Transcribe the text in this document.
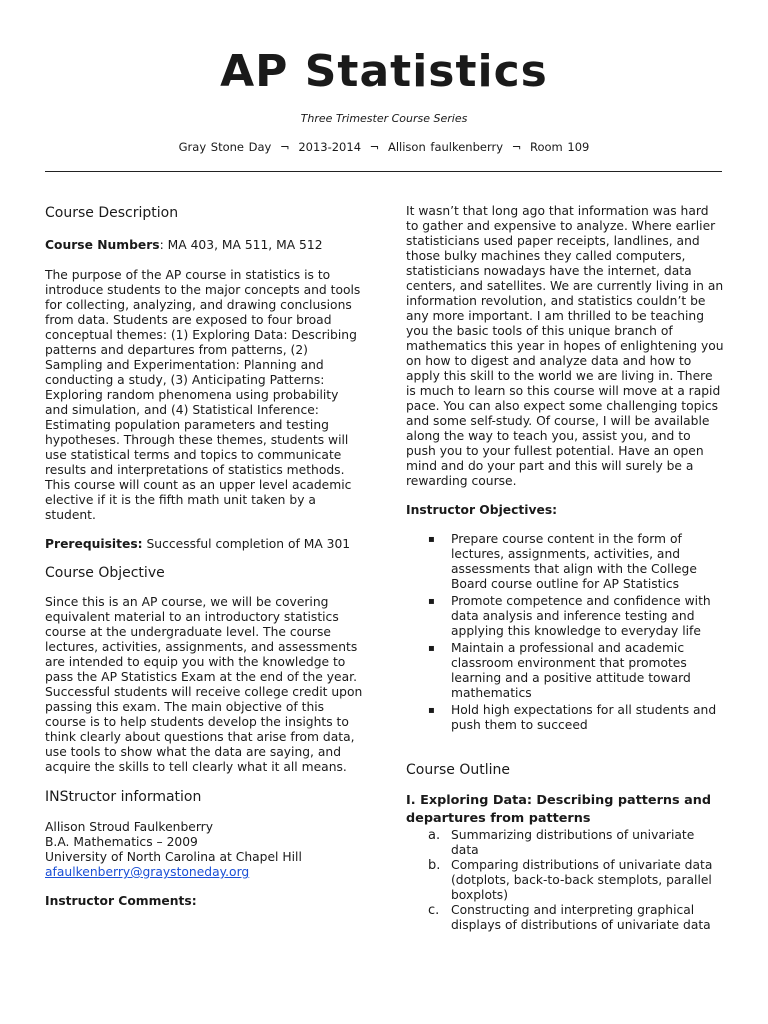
AP Statistics
Three Trimester Course Series
Gray Stone Day ¬ 2013-2014 ¬ Allison faulkenberry ¬ Room 109

Course Description

Course Numbers: MA 403, MA 511, MA 512

The purpose of the AP course in statistics is to introduce students to the major concepts and tools for collecting, analyzing, and drawing conclusions from data. Students are exposed to four broad conceptual themes: (1) Exploring Data: Describing patterns and departures from patterns, (2) Sampling and Experimentation: Planning and conducting a study, (3) Anticipating Patterns: Exploring random phenomena using probability and simulation, and (4) Statistical Inference: Estimating population parameters and testing hypotheses. Through these themes, students will use statistical terms and topics to communicate results and interpretations of statistics methods. This course will count as an upper level academic elective if it is the fifth math unit taken by a student.

Prerequisites: Successful completion of MA 301

Course Objective

Since this is an AP course, we will be covering equivalent material to an introductory statistics course at the undergraduate level. The course lectures, activities, assignments, and assessments are intended to equip you with the knowledge to pass the AP Statistics Exam at the end of the year. Successful students will receive college credit upon passing this exam. The main objective of this course is to help students develop the insights to think clearly about questions that arise from data, use tools to show what the data are saying, and acquire the skills to tell clearly what it all means.

INStructor information

Allison Stroud Faulkenberry

B.A. Mathematics – 2009

University of North Carolina at Chapel Hill

afaulkenberry@graystoneday.org

Instructor Comments:

It wasn’t that long ago that information was hard to gather and expensive to analyze. Where earlier statisticians used paper receipts, landlines, and those bulky machines they called computers, statisticians nowadays have the internet, data centers, and satellites. We are currently living in an information revolution, and statistics couldn’t be any more important. I am thrilled to be teaching you the basic tools of this unique branch of mathematics this year in hopes of enlightening you on how to digest and analyze data and how to apply this skill to the world we are living in. There is much to learn so this course will move at a rapid pace. You can also expect some challenging topics and some self-study. Of course, I will be available along the way to teach you, assist you, and to push you to your fullest potential. Have an open mind and do your part and this will surely be a rewarding course.

Instructor Objectives:

▪ Prepare course content in the form of lectures, assignments, activities, and assessments that align with the College Board course outline for AP Statistics
▪ Promote competence and confidence with data analysis and inference testing and applying this knowledge to everyday life
▪ Maintain a professional and academic classroom environment that promotes learning and a positive attitude toward mathematics
▪ Hold high expectations for all students and push them to succeed

Course Outline

I. Exploring Data: Describing patterns and departures from patterns

a. Summarizing distributions of univariate data
b. Comparing distributions of univariate data (dotplots, back-to-back stemplots, parallel boxplots)
c. Constructing and interpreting graphical displays of distributions of univariate data
